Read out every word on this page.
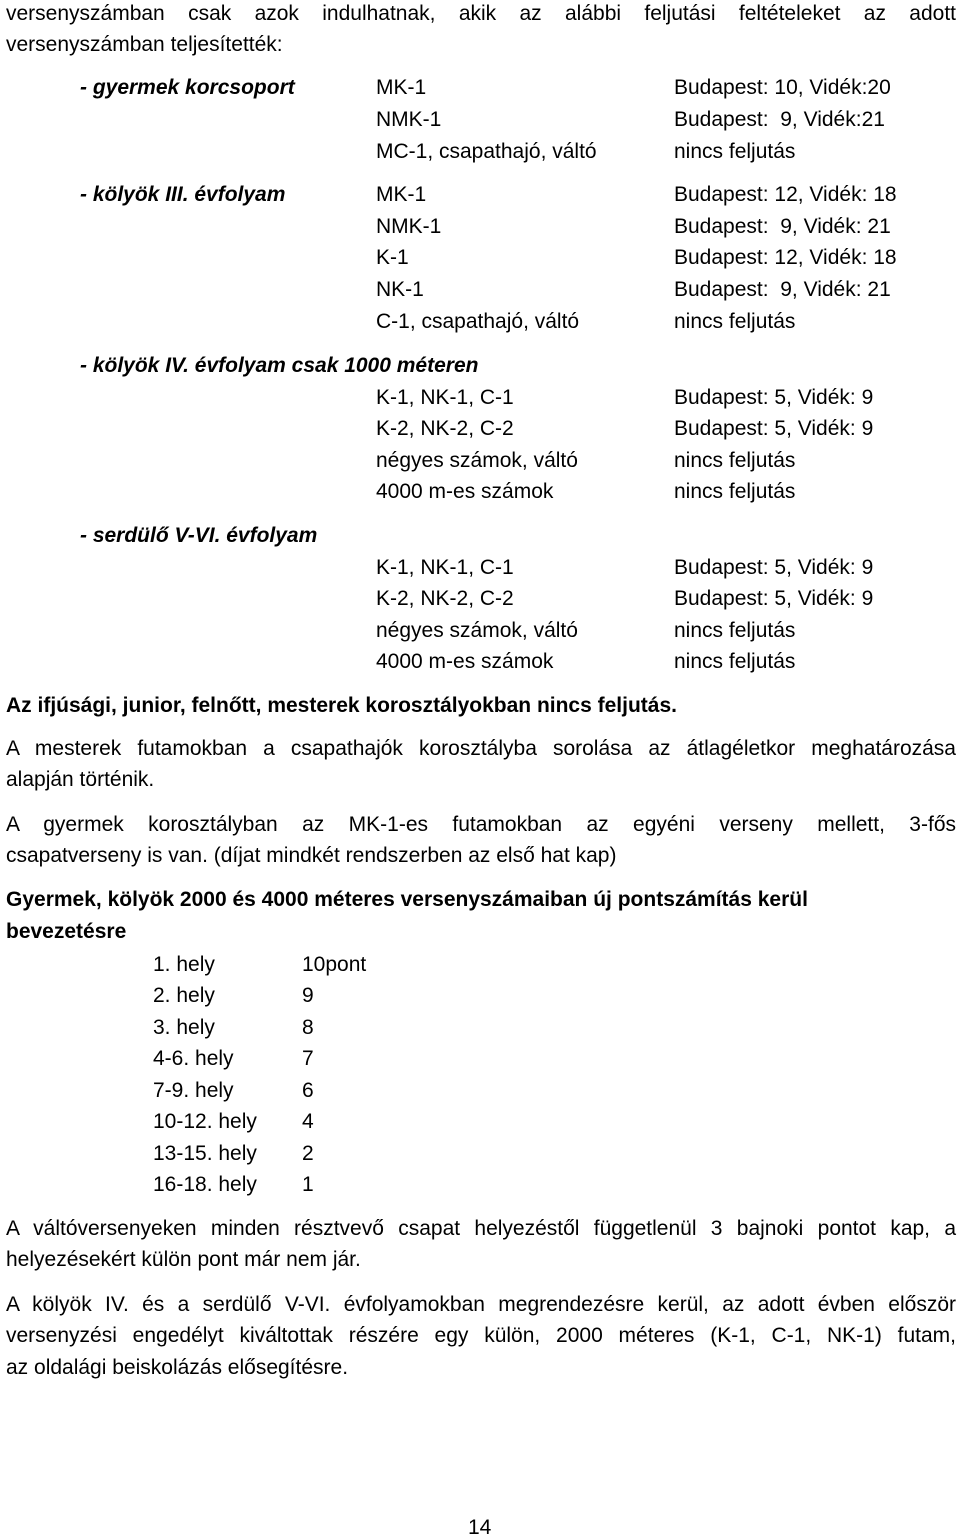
versenyszámban csak azok indulhatnak, akik az alábbi feljutási feltételeket az adott
versenyszámban teljesítették:
- gyermek korcsoport	MK-1	Budapest: 10, Vidék:20
NMK-1	Budapest:  9, Vidék:21
MC-1, csapathajó, váltó	nincs feljutás
- kölyök III. évfolyam	MK-1	Budapest: 12, Vidék: 18
NMK-1	Budapest:  9, Vidék: 21
K-1	Budapest: 12, Vidék: 18
NK-1	Budapest:  9, Vidék: 21
C-1, csapathajó, váltó	nincs feljutás
- kölyök IV. évfolyam csak 1000 méteren
K-1, NK-1, C-1	Budapest: 5, Vidék: 9
K-2, NK-2, C-2	Budapest: 5, Vidék: 9
négyes számok, váltó	nincs feljutás
4000 m-es számok	nincs feljutás
- serdülő V-VI. évfolyam
K-1, NK-1, C-1	Budapest: 5, Vidék: 9
K-2, NK-2, C-2	Budapest: 5, Vidék: 9
négyes számok, váltó	nincs feljutás
4000 m-es számok	nincs feljutás
Az ifjúsági, junior, felnőtt, mesterek korosztályokban nincs feljutás.
A mesterek futamokban a csapathajók korosztályba sorolása az átlagéletkor meghatározása
alapján történik.
A gyermek korosztályban az MK-1-es futamokban az egyéni verseny mellett, 3-fős
csapatverseny is van. (díjat mindkét rendszerben az első hat kap)
Gyermek, kölyök 2000 és 4000 méteres versenyszámaiban új pontszámítás kerül
bevezetésre
1. hely	10pont
2. hely	9
3. hely	8
4-6. hely	7
7-9. hely	6
10-12. hely 4
13-15. hely 2
16-18. hely 1
A váltóversenyeken minden résztvevő csapat helyezéstől függetlenül 3 bajnoki pontot kap, a
helyezésekért külön pont már nem jár.
A kölyök IV. és a serdülő V-VI. évfolyamokban megrendezésre kerül, az adott évben először
versenyzési engedélyt kiváltottak részére egy külön, 2000 méteres (K-1, C-1, NK-1) futam,
az oldalági beiskolázás elősegítésre.
14
